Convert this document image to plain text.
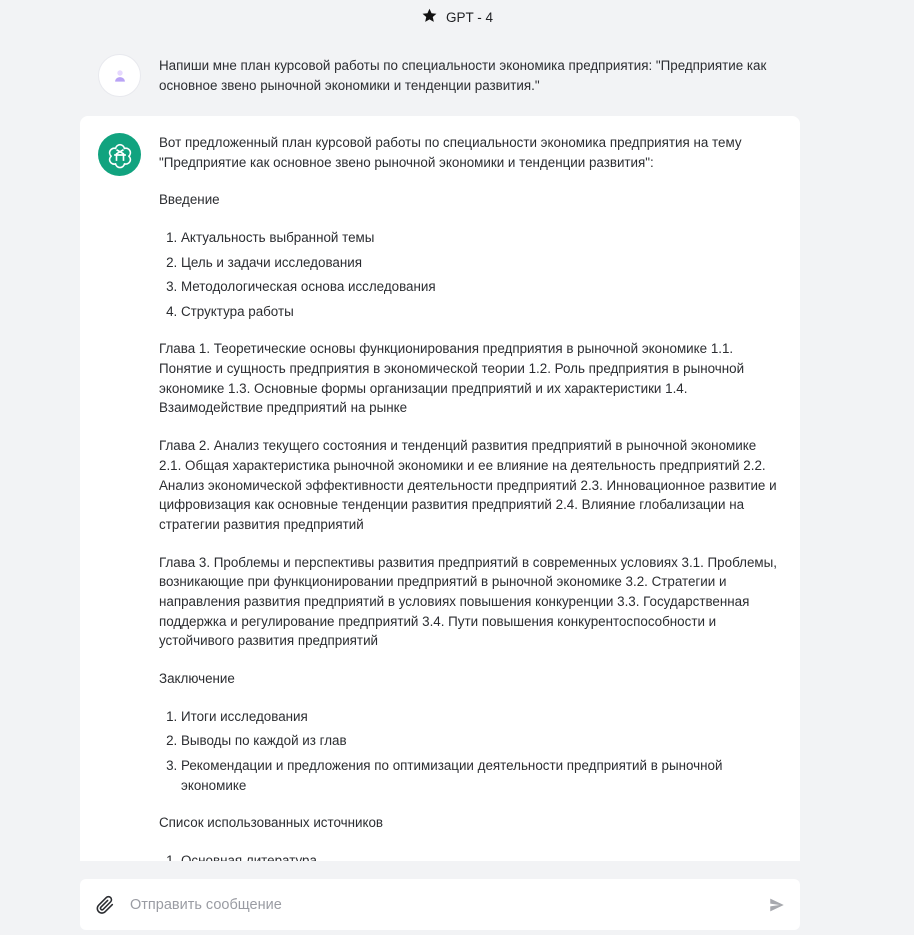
GPT - 4
Напиши мне план курсовой работы по специальности экономика предприятия: "Предприятие как основное звено рыночной экономики и тенденции развития."

Вот предложенный план курсовой работы по специальности экономика предприятия на тему "Предприятие как основное звено рыночной экономики и тенденции развития":

Введение

1. Актуальность выбранной темы
2. Цель и задачи исследования
3. Методологическая основа исследования
4. Структура работы

Глава 1. Теоретические основы функционирования предприятия в рыночной экономике 1.1. Понятие и сущность предприятия в экономической теории 1.2. Роль предприятия в рыночной экономике 1.3. Основные формы организации предприятий и их характеристики 1.4. Взаимодействие предприятий на рынке

Глава 2. Анализ текущего состояния и тенденций развития предприятий в рыночной экономике 2.1. Общая характеристика рыночной экономики и ее влияние на деятельность предприятий 2.2. Анализ экономической эффективности деятельности предприятий 2.3. Инновационное развитие и цифровизация как основные тенденции развития предприятий 2.4. Влияние глобализации на стратегии развития предприятий

Глава 3. Проблемы и перспективы развития предприятий в современных условиях 3.1. Проблемы, возникающие при функционировании предприятий в рыночной экономике 3.2. Стратегии и направления развития предприятий в условиях повышения конкуренции 3.3. Государственная поддержка и регулирование предприятий 3.4. Пути повышения конкурентоспособности и устойчивого развития предприятий

Заключение

1. Итоги исследования
2. Выводы по каждой из глав
3. Рекомендации и предложения по оптимизации деятельности предприятий в рыночной экономике

Список использованных источников

1.
Отправить сообщение
